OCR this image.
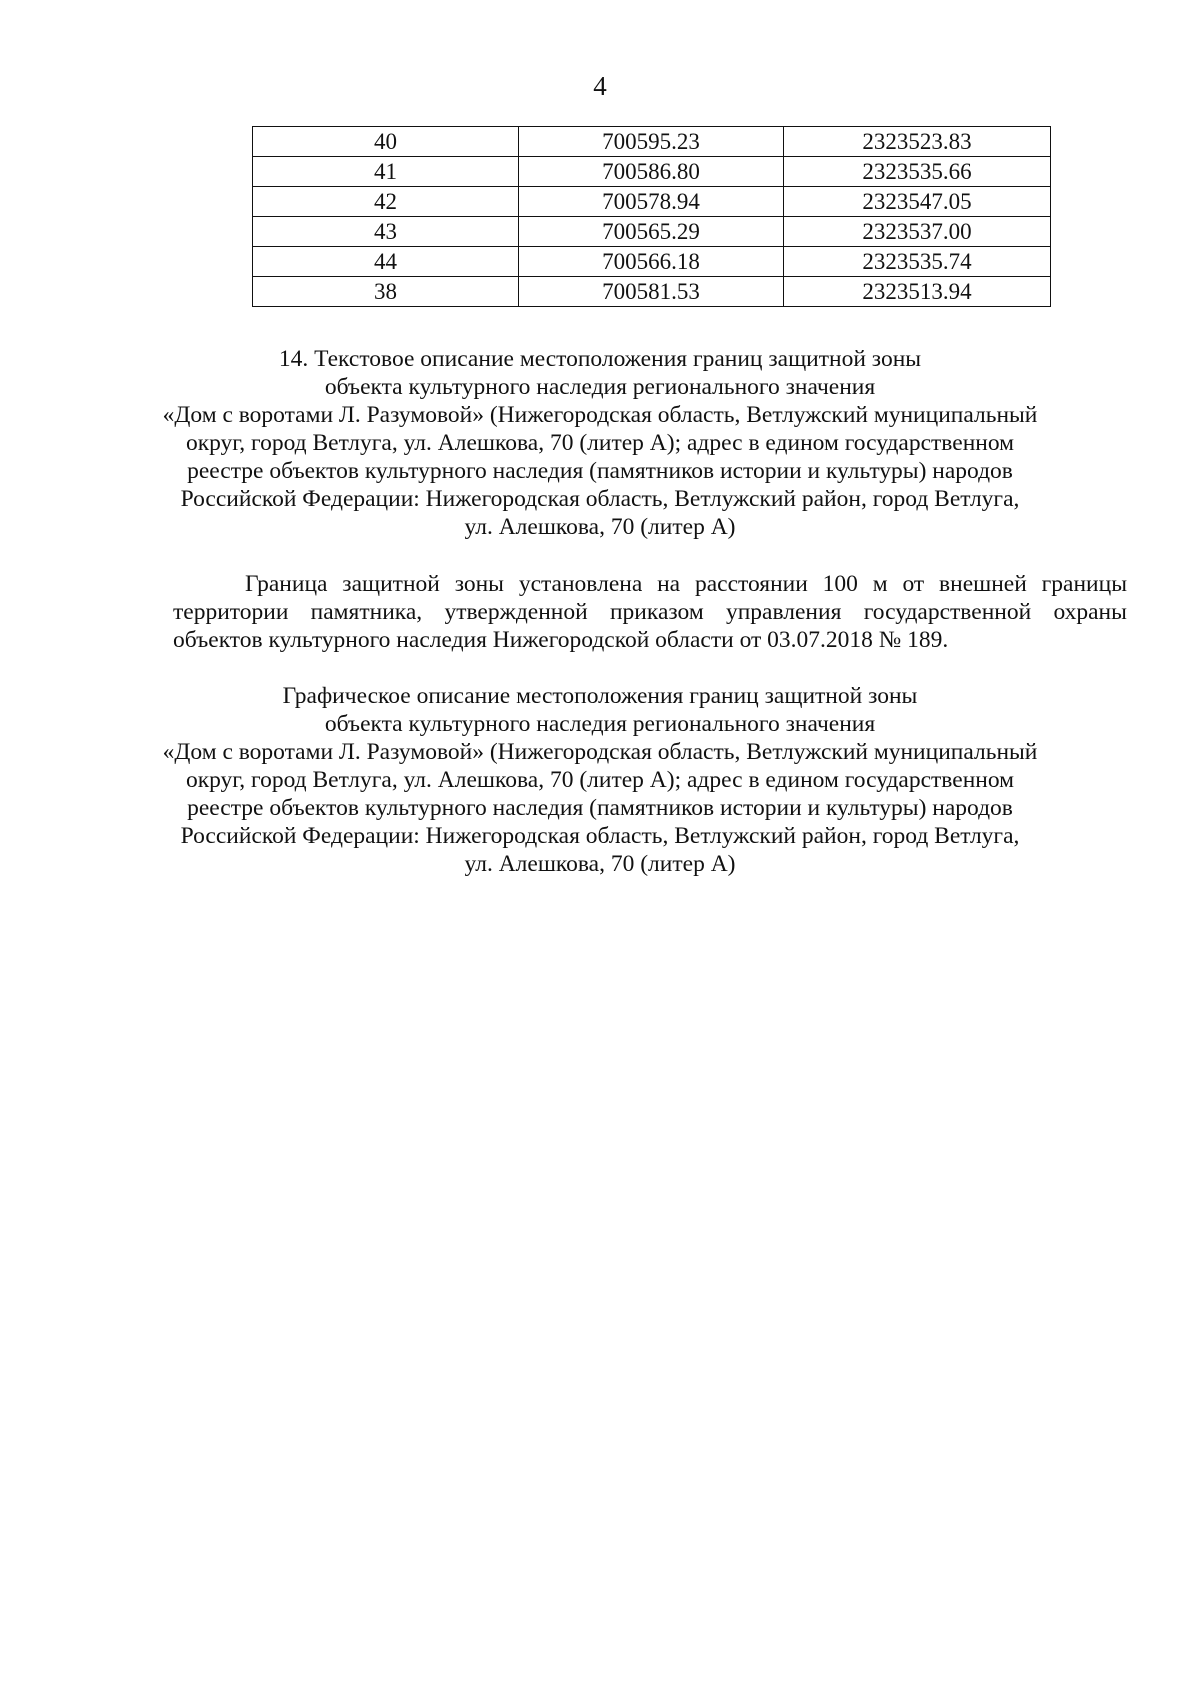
4
40	700595.23	2323523.83
41	700586.80	2323535.66
42	700578.94	2323547.05
43	700565.29	2323537.00
44	700566.18	2323535.74
38	700581.53	2323513.94
14. Текстовое описание местоположения границ защитной зоны
объекта культурного наследия регионального значения
«Дом с воротами Л. Разумовой» (Нижегородская область, Ветлужский муниципальный
округ, город Ветлуга, ул. Алешкова, 70 (литер А); адрес в едином государственном
реестре объектов культурного наследия (памятников истории и культуры) народов
Российской Федерации: Нижегородская область, Ветлужский район, город Ветлуга,
ул. Алешкова, 70 (литер А)
Граница защитной зоны установлена на расстоянии 100 м от внешней границы
территории памятника, утвержденной приказом управления государственной охраны
объектов культурного наследия Нижегородской области от 03.07.2018 № 189.
Графическое описание местоположения границ защитной зоны
объекта культурного наследия регионального значения
«Дом с воротами Л. Разумовой» (Нижегородская область, Ветлужский муниципальный
округ, город Ветлуга, ул. Алешкова, 70 (литер А); адрес в едином государственном
реестре объектов культурного наследия (памятников истории и культуры) народов
Российской Федерации: Нижегородская область, Ветлужский район, город Ветлуга,
ул. Алешкова, 70 (литер А)
